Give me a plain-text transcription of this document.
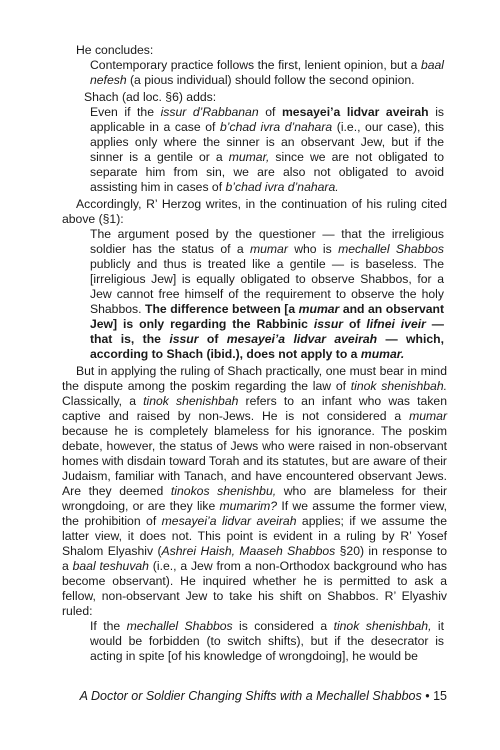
He concludes:

Contemporary practice follows the first, lenient opinion, but a baal nefesh (a pious individual) should follow the second opinion.

Shach (ad loc. §6) adds:

Even if the issur d’Rabbanan of mesayei’a lidvar aveirah is applicable in a case of b’chad ivra d’nahara (i.e., our case), this applies only where the sinner is an observant Jew, but if the sinner is a gentile or a mumar, since we are not obligated to separate him from sin, we are also not obligated to avoid assisting him in cases of b’chad ivra d’nahara.

Accordingly, R’ Herzog writes, in the continuation of his ruling cited above (§1):

The argument posed by the questioner — that the irreligious soldier has the status of a mumar who is mechallel Shabbos publicly and thus is treated like a gentile — is baseless. The [irreligious Jew] is equally obligated to observe Shabbos, for a Jew cannot free himself of the requirement to observe the holy Shabbos. The difference between [a mumar and an observant Jew] is only regarding the Rabbinic issur of lifnei iveir — that is, the issur of mesayei’a lidvar aveirah — which, according to Shach (ibid.), does not apply to a mumar.

But in applying the ruling of Shach practically, one must bear in mind the dispute among the poskim regarding the law of tinok shenishbah. Classically, a tinok shenishbah refers to an infant who was taken captive and raised by non-Jews. He is not considered a mumar because he is completely blameless for his ignorance. The poskim debate, however, the status of Jews who were raised in non-observant homes with disdain toward Torah and its statutes, but are aware of their Judaism, familiar with Tanach, and have encountered observant Jews. Are they deemed tinokos shenishbu, who are blameless for their wrongdoing, or are they like mumarim? If we assume the former view, the prohibition of mesayei’a lidvar aveirah applies; if we assume the latter view, it does not. This point is evident in a ruling by R’ Yosef Shalom Elyashiv (Ashrei Haish, Maaseh Shabbos §20) in response to a baal teshuvah (i.e., a Jew from a non-Orthodox background who has become observant). He inquired whether he is permitted to ask a fellow, non-observant Jew to take his shift on Shabbos. R’ Elyashiv ruled:

If the mechallel Shabbos is considered a tinok shenishbah, it would be forbidden (to switch shifts), but if the desecrator is acting in spite [of his knowledge of wrongdoing], he would be

A Doctor or Soldier Changing Shifts with a Mechallel Shabbos • 15
